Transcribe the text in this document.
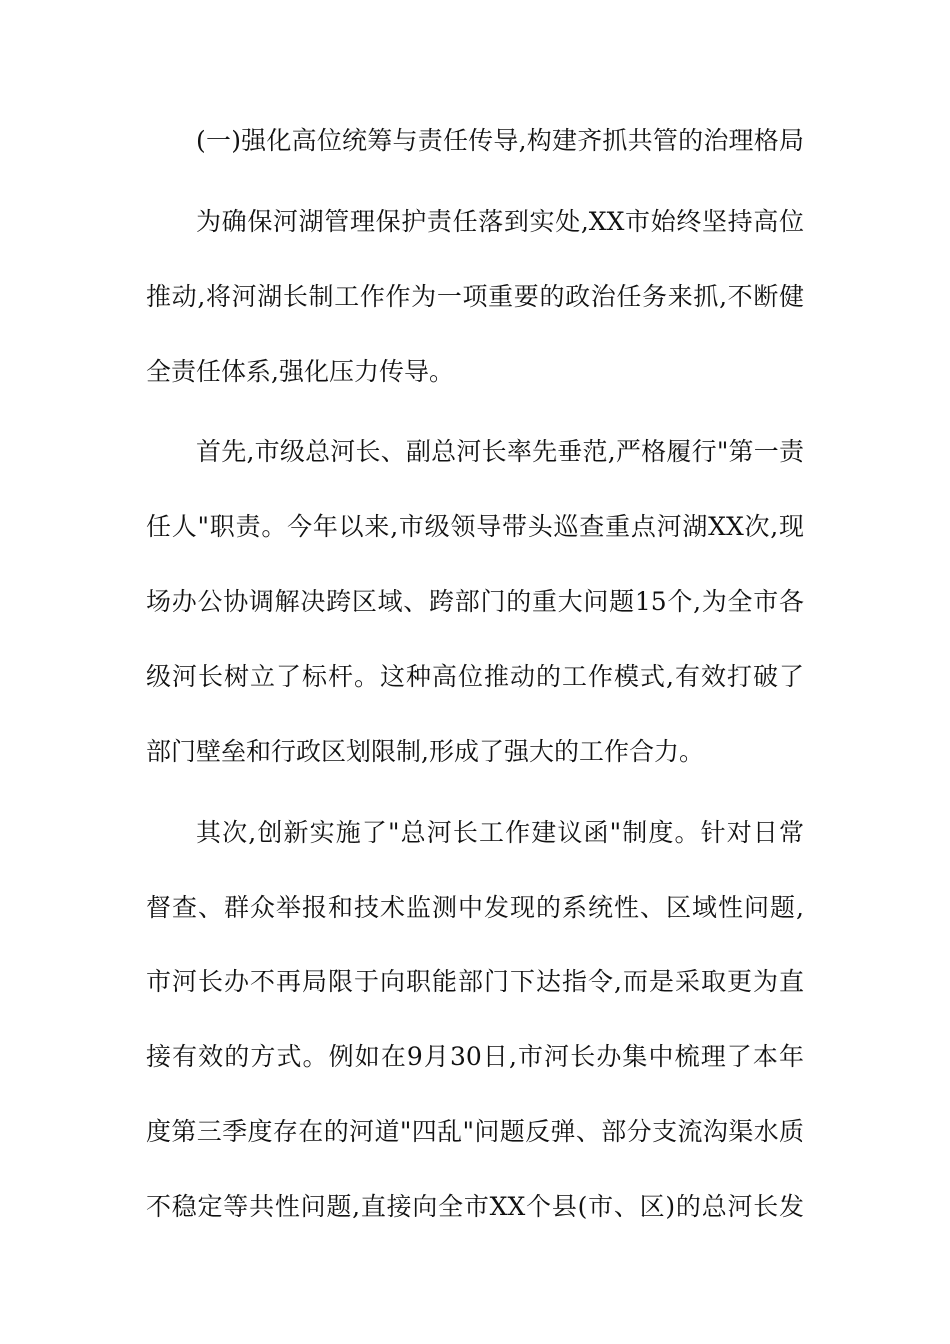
(一)强化高位统筹与责任传导,构建齐抓共管的治理格局
为确保河湖管理保护责任落到实处,XX市始终坚持高位
推动,将河湖长制工作作为一项重要的政治任务来抓,不断健
全责任体系,强化压力传导。
首先,市级总河长、副总河长率先垂范,严格履行"第一责
任人"职责。今年以来,市级领导带头巡查重点河湖XX次,现
场办公协调解决跨区域、跨部门的重大问题15个,为全市各
级河长树立了标杆。这种高位推动的工作模式,有效打破了
部门壁垒和行政区划限制,形成了强大的工作合力。
其次,创新实施了"总河长工作建议函"制度。针对日常
督查、群众举报和技术监测中发现的系统性、区域性问题,
市河长办不再局限于向职能部门下达指令,而是采取更为直
接有效的方式。例如在9月30日,市河长办集中梳理了本年
度第三季度存在的河道"四乱"问题反弹、部分支流沟渠水质
不稳定等共性问题,直接向全市XX个县(市、区)的总河长发
